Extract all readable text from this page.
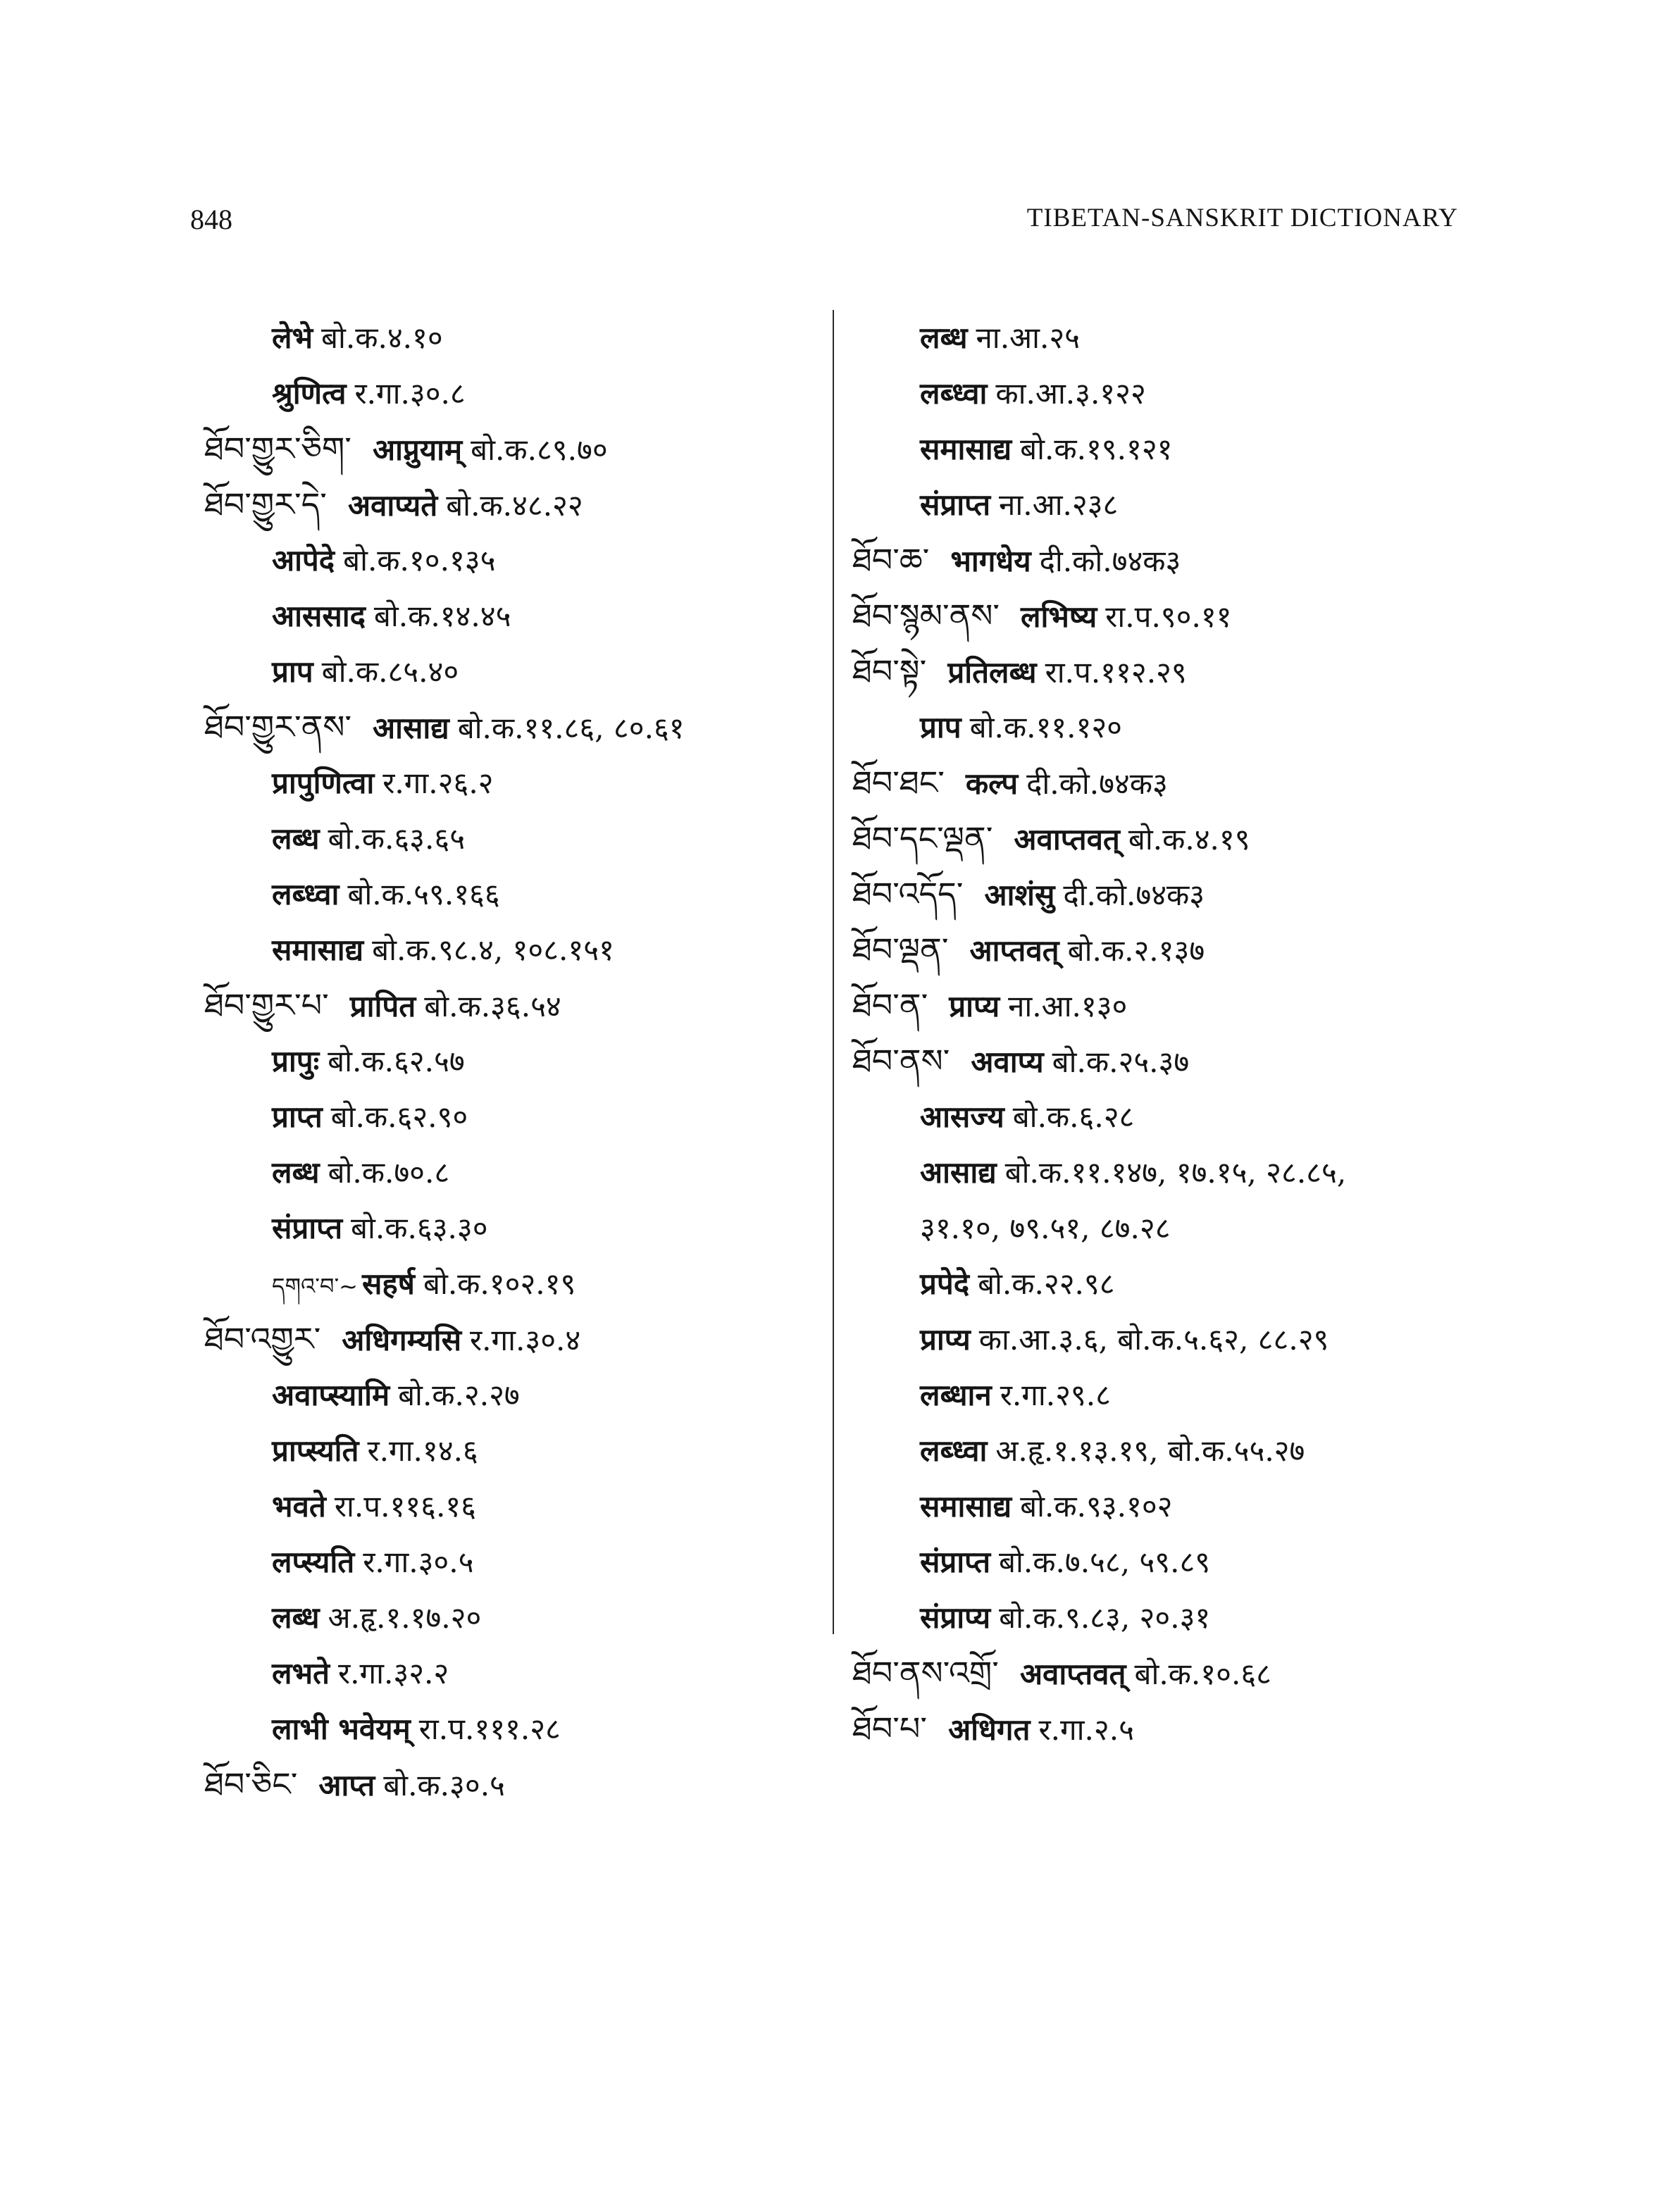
848	TIBETAN-SANSKRIT DICTIONARY
लेभे बो.क.४.१०
श्रुणित्व र.गा.३०.८
ཐོབ་གྱུར་ཅིག་ आप्नुयाम् बो.क.८९.७०
ཐོབ་གྱུར་དེ་ अवाप्यते बो.क.४८.२२
आपेदे बो.क.१०.१३५
आससाद बो.क.१४.४५
प्राप बो.क.८५.४०
ཐོབ་གྱུར་ནས་ आसाद्य बो.क.११.८६, ८०.६१
प्रापुणित्वा र.गा.२६.२
लब्ध बो.क.६३.६५
लब्ध्वा बो.क.५९.१६६
समासाद्य बो.क.९८.४, १०८.१५१
ཐོབ་གྱུར་པ་ प्रापित बो.क.३६.५४
प्रापुः बो.क.६२.५७
प्राप्त बो.क.६२.९०
लब्ध बो.क.७०.८
संप्राप्त बो.क.६३.३०
དགའ་བ་~ सहर्ष बो.क.१०२.१९
ཐོབ་འགྱུར་ अधिगम्यसि र.गा.३०.४
अवाप्स्यामि बो.क.२.२७
प्राप्स्यति र.गा.१४.६
भवते रा.प.११६.१६
लप्स्यति र.गा.३०.५
लब्ध अ.हृ.१.१७.२०
लभते र.गा.३२.२
लाभी भवेयम् रा.प.१११.२८
ཐོབ་ཅིང་ आप्त बो.क.३०.५
लब्ध ना.आ.२५
लब्ध्वा का.आ.३.१२२
समासाद्य बो.क.१९.१२१
संप्राप्त ना.आ.२३८
ཐོབ་ཆ་ भागधेय दी.को.७४क३
ཐོབ་སྙམ་ནས་ लभिष्य रा.प.९०.११
ཐོབ་སྟེ་ प्रतिलब्ध रा.प.११२.२९
प्राप बो.क.११.१२०
ཐོབ་ཐང་ कल्प दी.को.७४क३
ཐོབ་དང་ལྡན་ अवाप्तवत् बो.क.४.१९
ཐོབ་འདོད་ आशंसु दी.को.७४क३
ཐོབ་ལྡན་ आप्तवत् बो.क.२.१३७
ཐོབ་ན་ प्राप्य ना.आ.१३०
ཐོབ་ནས་ अवाप्य बो.क.२५.३७
आसज्य बो.क.६.२८
आसाद्य बो.क.११.१४७, १७.१५, २८.८५,
३१.१०, ७९.५१, ८७.२८
प्रपेदे बो.क.२२.९८
प्राप्य का.आ.३.६, बो.क.५.६२, ८८.२९
लब्धान र.गा.२९.८
लब्ध्वा अ.हृ.१.१३.१९, बो.क.५५.२७
समासाद्य बो.क.९३.१०२
संप्राप्त बो.क.७.५८, ५९.८९
संप्राप्य बो.क.९.८३, २०.३१
ཐོབ་ནས་འགྲོ་ अवाप्तवत् बो.क.१०.६८
ཐོབ་པ་ अधिगत र.गा.२.५
